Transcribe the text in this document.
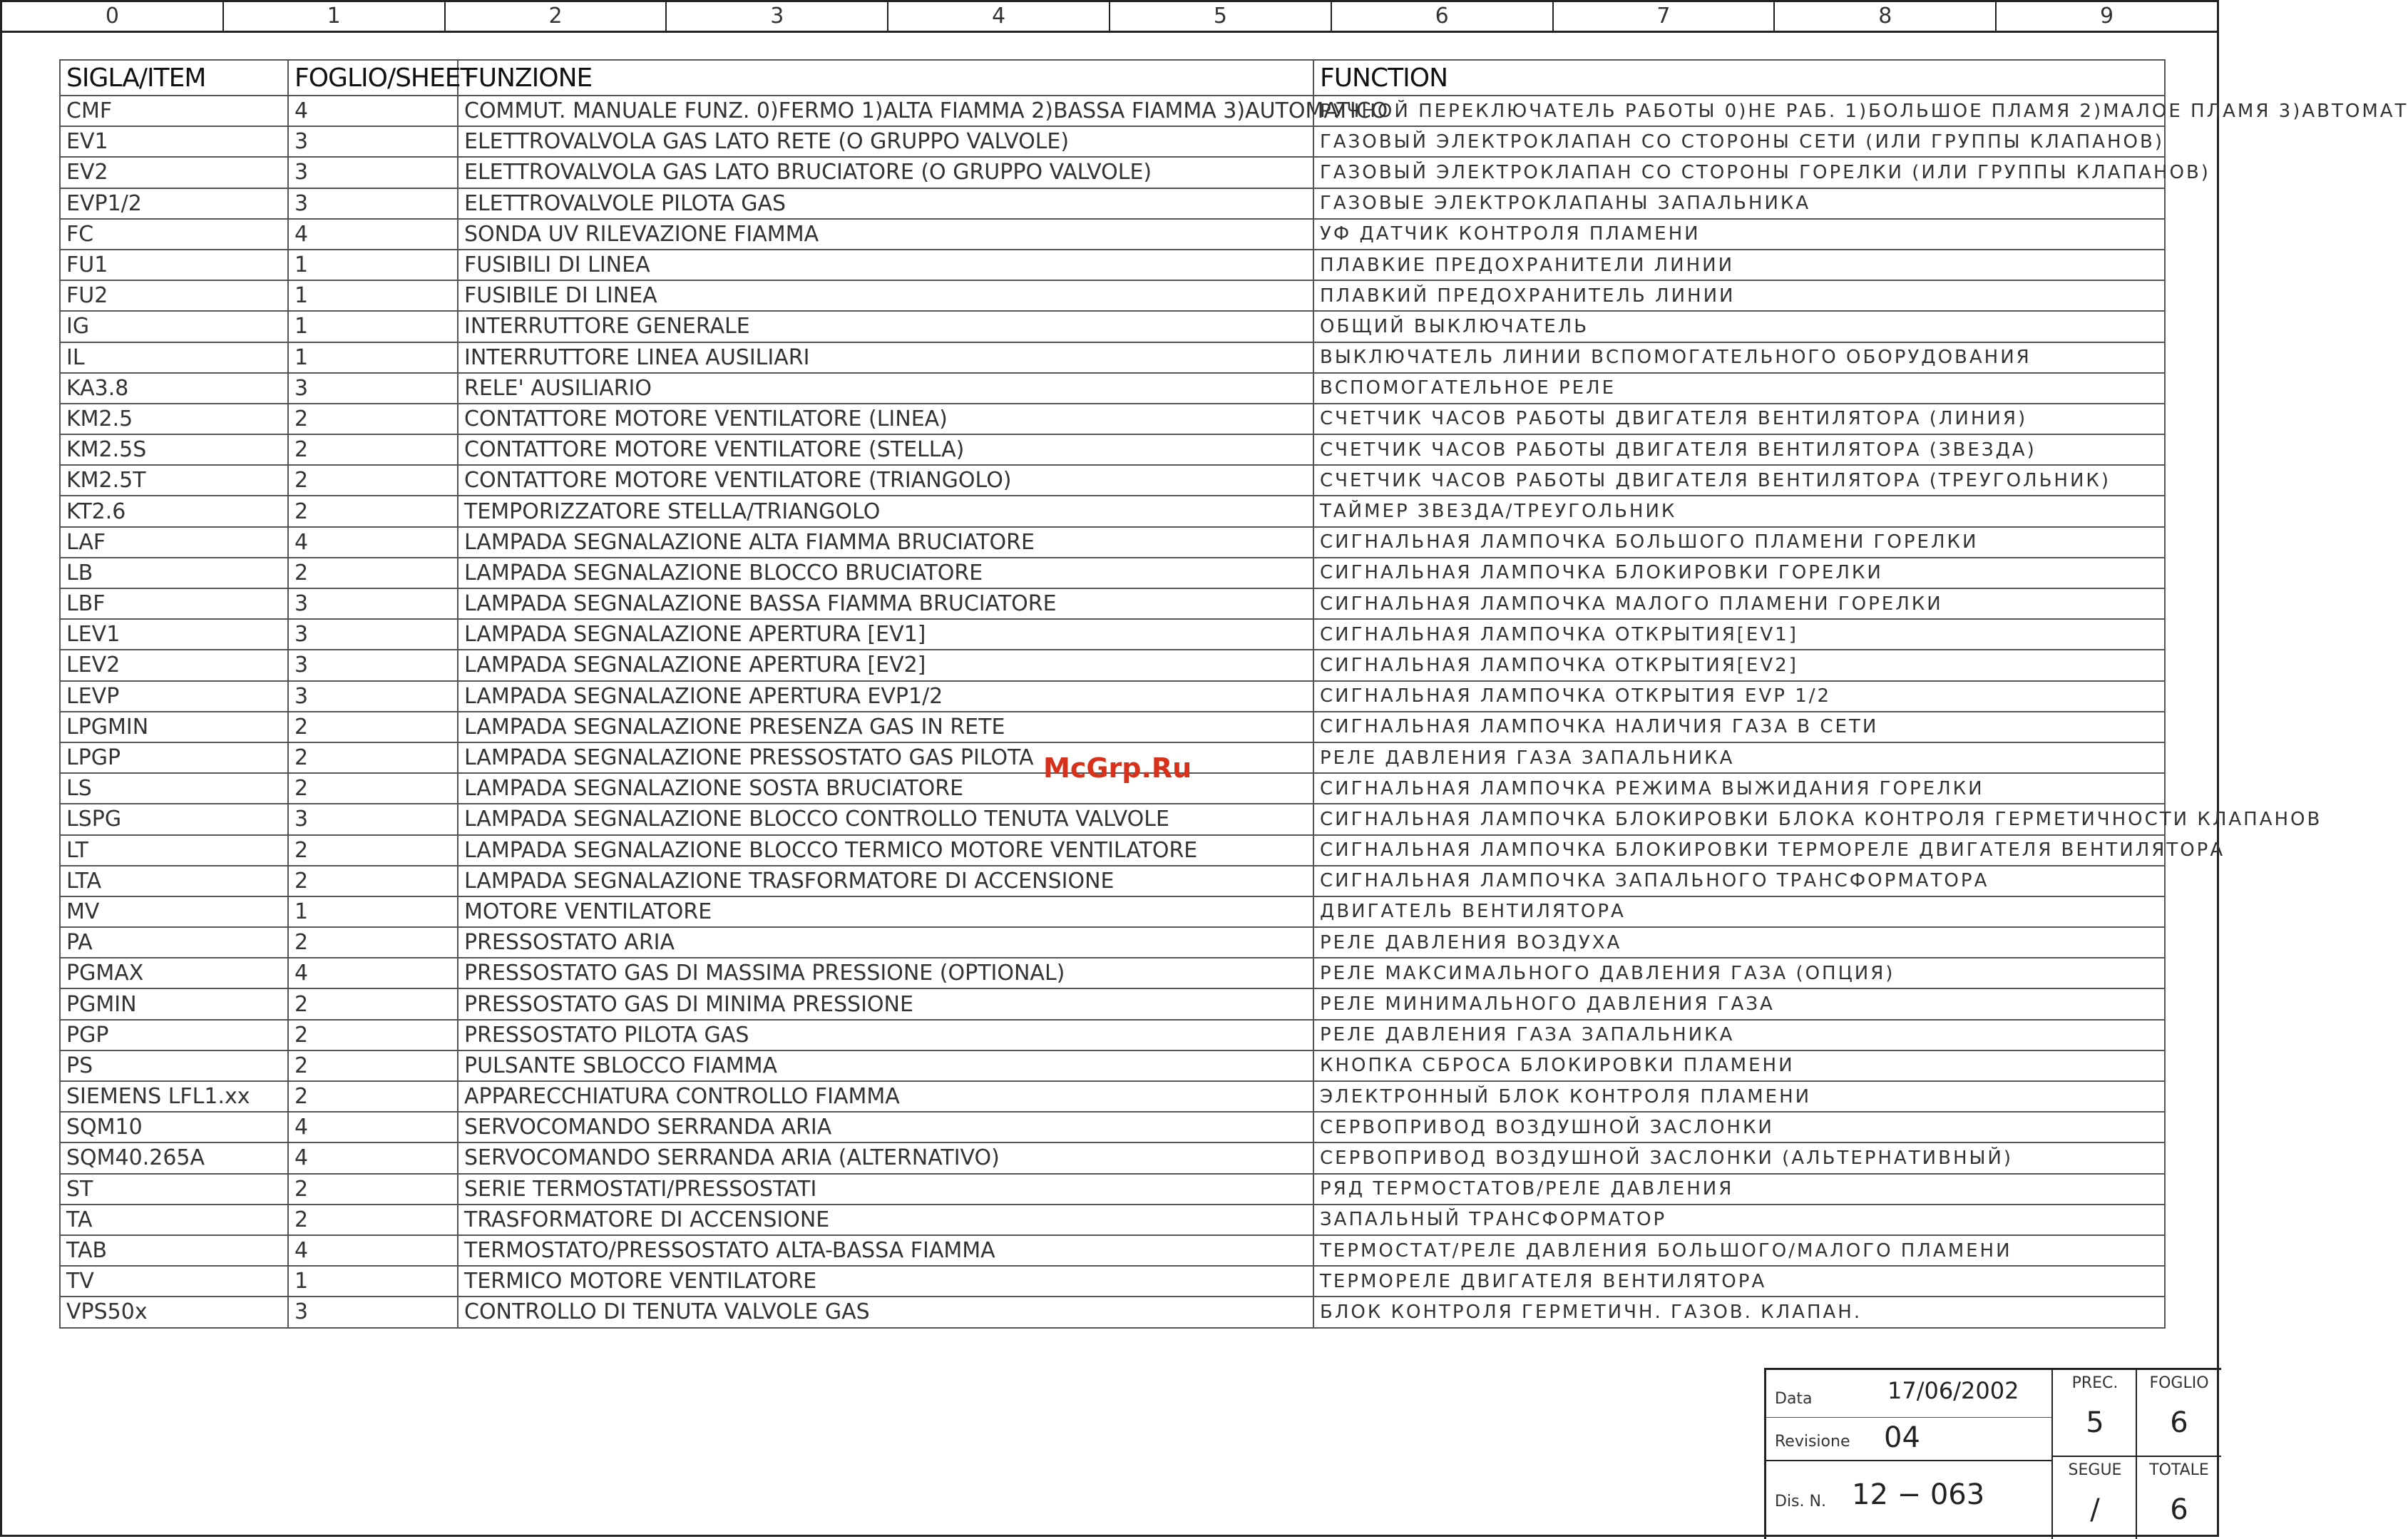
0	1	2	3	4	5	6	7	8	9
SIGLA/ITEM	FOGLIO/SHEET	FUNZIONE	FUNCTION
CMF	4	COMMUT. MANUALE FUNZ. 0)FERMO 1)ALTA FIAMMA 2)BASSA FIAMMA 3)AUTOMATICO	РУЧНОЙ ПЕРЕКЛЮЧАТЕЛЬ РАБОТЫ 0)НЕ РАБ. 1)БОЛЬШОЕ ПЛАМЯ 2)МАЛОЕ ПЛАМЯ 3)АВТОМАТ
EV1	3	ELETTROVALVOLA GAS LATO RETE (O GRUPPO VALVOLE)	ГАЗОВЫЙ ЭЛЕКТРОКЛАПАН СО СТОРОНЫ СЕТИ (ИЛИ ГРУППЫ КЛАПАНОВ)
EV2	3	ELETTROVALVOLA GAS LATO BRUCIATORE (O GRUPPO VALVOLE)	ГАЗОВЫЙ ЭЛЕКТРОКЛАПАН СО СТОРОНЫ ГОРЕЛКИ (ИЛИ ГРУППЫ КЛАПАНОВ)
EVP1/2	3	ELETTROVALVOLE PILOTA GAS	ГАЗОВЫЕ ЭЛЕКТРОКЛАПАНЫ ЗАПАЛЬНИКА
FC	4	SONDA UV RILEVAZIONE FIAMMA	УФ ДАТЧИК КОНТРОЛЯ ПЛАМЕНИ
FU1	1	FUSIBILI DI LINEA	ПЛАВКИЕ ПРЕДОХРАНИТЕЛИ ЛИНИИ
FU2	1	FUSIBILE DI LINEA	ПЛАВКИЙ ПРЕДОХРАНИТЕЛЬ ЛИНИИ
IG	1	INTERRUTTORE GENERALE	ОБЩИЙ ВЫКЛЮЧАТЕЛЬ
IL	1	INTERRUTTORE LINEA AUSILIARI	ВЫКЛЮЧАТЕЛЬ ЛИНИИ ВСПОМОГАТЕЛЬНОГО ОБОРУДОВАНИЯ
KA3.8	3	RELE' AUSILIARIO	ВСПОМОГАТЕЛЬНОЕ РЕЛЕ
KM2.5	2	CONTATTORE MOTORE VENTILATORE (LINEA)	СЧЕТЧИК ЧАСОВ РАБОТЫ ДВИГАТЕЛЯ ВЕНТИЛЯТОРА (ЛИНИЯ)
KM2.5S	2	CONTATTORE MOTORE VENTILATORE (STELLA)	СЧЕТЧИК ЧАСОВ РАБОТЫ ДВИГАТЕЛЯ ВЕНТИЛЯТОРА (ЗВЕЗДА)
KM2.5T	2	CONTATTORE MOTORE VENTILATORE (TRIANGOLO)	СЧЕТЧИК ЧАСОВ РАБОТЫ ДВИГАТЕЛЯ ВЕНТИЛЯТОРА (ТРЕУГОЛЬНИК)
KT2.6	2	TEMPORIZZATORE STELLA/TRIANGOLO	ТАЙМЕР ЗВЕЗДА/ТРЕУГОЛЬНИК
LAF	4	LAMPADA SEGNALAZIONE ALTA FIAMMA BRUCIATORE	СИГНАЛЬНАЯ ЛАМПОЧКА БОЛЬШОГО ПЛАМЕНИ ГОРЕЛКИ
LB	2	LAMPADA SEGNALAZIONE BLOCCO BRUCIATORE	СИГНАЛЬНАЯ ЛАМПОЧКА БЛОКИРОВКИ ГОРЕЛКИ
LBF	3	LAMPADA SEGNALAZIONE BASSA FIAMMA BRUCIATORE	СИГНАЛЬНАЯ ЛАМПОЧКА МАЛОГО ПЛАМЕНИ ГОРЕЛКИ
LEV1	3	LAMPADA SEGNALAZIONE APERTURA [EV1]	СИГНАЛЬНАЯ ЛАМПОЧКА ОТКРЫТИЯ[EV1]
LEV2	3	LAMPADA SEGNALAZIONE APERTURA [EV2]	СИГНАЛЬНАЯ ЛАМПОЧКА ОТКРЫТИЯ[EV2]
LEVP	3	LAMPADA SEGNALAZIONE APERTURA EVP1/2	СИГНАЛЬНАЯ ЛАМПОЧКА ОТКРЫТИЯ EVP 1/2
LPGMIN	2	LAMPADA SEGNALAZIONE PRESENZA GAS IN RETE	СИГНАЛЬНАЯ ЛАМПОЧКА НАЛИЧИЯ ГАЗА В СЕТИ
LPGP	2	LAMPADA SEGNALAZIONE PRESSOSTATO GAS PILOTA	РЕЛЕ ДАВЛЕНИЯ ГАЗА ЗАПАЛЬНИКА
LS	2	LAMPADA SEGNALAZIONE SOSTA BRUCIATORE	СИГНАЛЬНАЯ ЛАМПОЧКА РЕЖИМА ВЫЖИДАНИЯ ГОРЕЛКИ
LSPG	3	LAMPADA SEGNALAZIONE BLOCCO CONTROLLO TENUTA VALVOLE	СИГНАЛЬНАЯ ЛАМПОЧКА БЛОКИРОВКИ БЛОКА КОНТРОЛЯ ГЕРМЕТИЧНОСТИ КЛАПАНОВ
LT	2	LAMPADA SEGNALAZIONE BLOCCO TERMICO MOTORE VENTILATORE	СИГНАЛЬНАЯ ЛАМПОЧКА БЛОКИРОВКИ ТЕРМОРЕЛЕ ДВИГАТЕЛЯ ВЕНТИЛЯТОРА
LTA	2	LAMPADA SEGNALAZIONE TRASFORMATORE DI ACCENSIONE	СИГНАЛЬНАЯ ЛАМПОЧКА ЗАПАЛЬНОГО ТРАНСФОРМАТОРА
MV	1	MOTORE VENTILATORE	ДВИГАТЕЛЬ ВЕНТИЛЯТОРА
PA	2	PRESSOSTATO ARIA	РЕЛЕ ДАВЛЕНИЯ ВОЗДУХА
PGMAX	4	PRESSOSTATO GAS DI MASSIMA PRESSIONE (OPTIONAL)	РЕЛЕ МАКСИМАЛЬНОГО ДАВЛЕНИЯ ГАЗА (ОПЦИЯ)
PGMIN	2	PRESSOSTATO GAS DI MINIMA PRESSIONE	РЕЛЕ МИНИМАЛЬНОГО ДАВЛЕНИЯ ГАЗА
PGP	2	PRESSOSTATO PILOTA GAS	РЕЛЕ ДАВЛЕНИЯ ГАЗА ЗАПАЛЬНИКА
PS	2	PULSANTE SBLOCCO FIAMMA	КНОПКА СБРОСА БЛОКИРОВКИ ПЛАМЕНИ
SIEMENS LFL1.xx	2	APPARECCHIATURA CONTROLLO FIAMMA	ЭЛЕКТРОННЫЙ БЛОК КОНТРОЛЯ ПЛАМЕНИ
SQM10	4	SERVOCOMANDO SERRANDA ARIA	СЕРВОПРИВОД ВОЗДУШНОЙ ЗАСЛОНКИ
SQM40.265A	4	SERVOCOMANDO SERRANDA ARIA (ALTERNATIVO)	СЕРВОПРИВОД ВОЗДУШНОЙ ЗАСЛОНКИ (АЛЬТЕРНАТИВНЫЙ)
ST	2	SERIE TERMOSTATI/PRESSOSTATI	РЯД ТЕРМОСТАТОВ/РЕЛЕ ДАВЛЕНИЯ
TA	2	TRASFORMATORE DI ACCENSIONE	ЗАПАЛЬНЫЙ ТРАНСФОРМАТОР
TAB	4	TERMOSTATO/PRESSOSTATO ALTA-BASSA FIAMMA	ТЕРМОСТАТ/РЕЛЕ ДАВЛЕНИЯ БОЛЬШОГО/МАЛОГО ПЛАМЕНИ
TV	1	TERMICO MOTORE VENTILATORE	ТЕРМОРЕЛЕ ДВИГАТЕЛЯ ВЕНТИЛЯТОРА
VPS50x	3	CONTROLLO DI TENUTA VALVOLE GAS	БЛОК КОНТРОЛЯ ГЕРМЕТИЧН. ГАЗОВ. КЛАПАН.
McGrp.Ru
Data	17/06/2002
Revisione 04
Dis. N. 12 − 063
PREC.
5
FOGLIO
6
SEGUE
/
TOTALE
6
